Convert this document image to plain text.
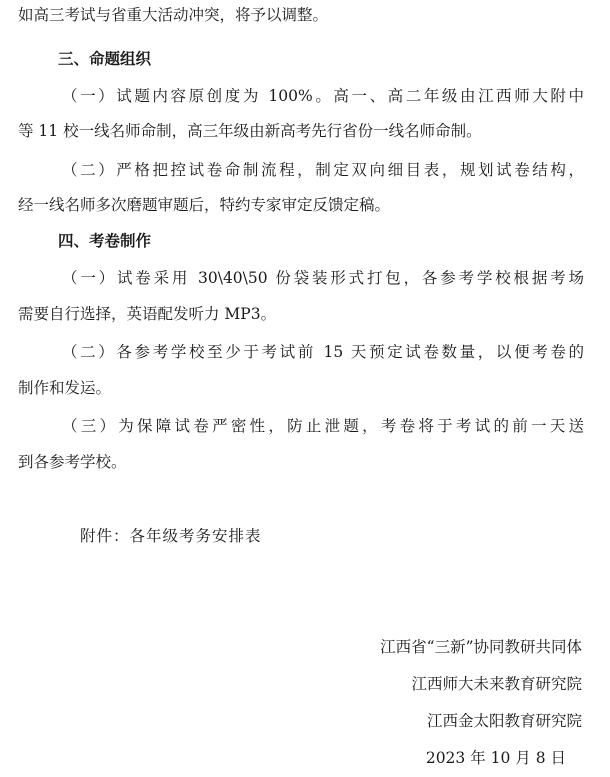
如高三考试与省重大活动冲突，将予以调整。
三、命题组织
（一）试题内容原创度为 100%。高一、高二年级由江西师大附中
等 11 校一线名师命制，高三年级由新高考先行省份一线名师命制。
（二）严格把控试卷命制流程，制定双向细目表，规划试卷结构，
经一线名师多次磨题审题后，特约专家审定反馈定稿。
四、考卷制作
（一）试卷采用 30\40\50 份袋装形式打包，各参考学校根据考场
需要自行选择，英语配发听力 MP3。
（二）各参考学校至少于考试前 15 天预定试卷数量，以便考卷的
制作和发运。
（三）为保障试卷严密性，防止泄题，考卷将于考试的前一天送
到各参考学校。
附件：各年级考务安排表
江西省“三新”协同教研共同体
江西师大未来教育研究院
江西金太阳教育研究院
2023 年 10 月 8 日
